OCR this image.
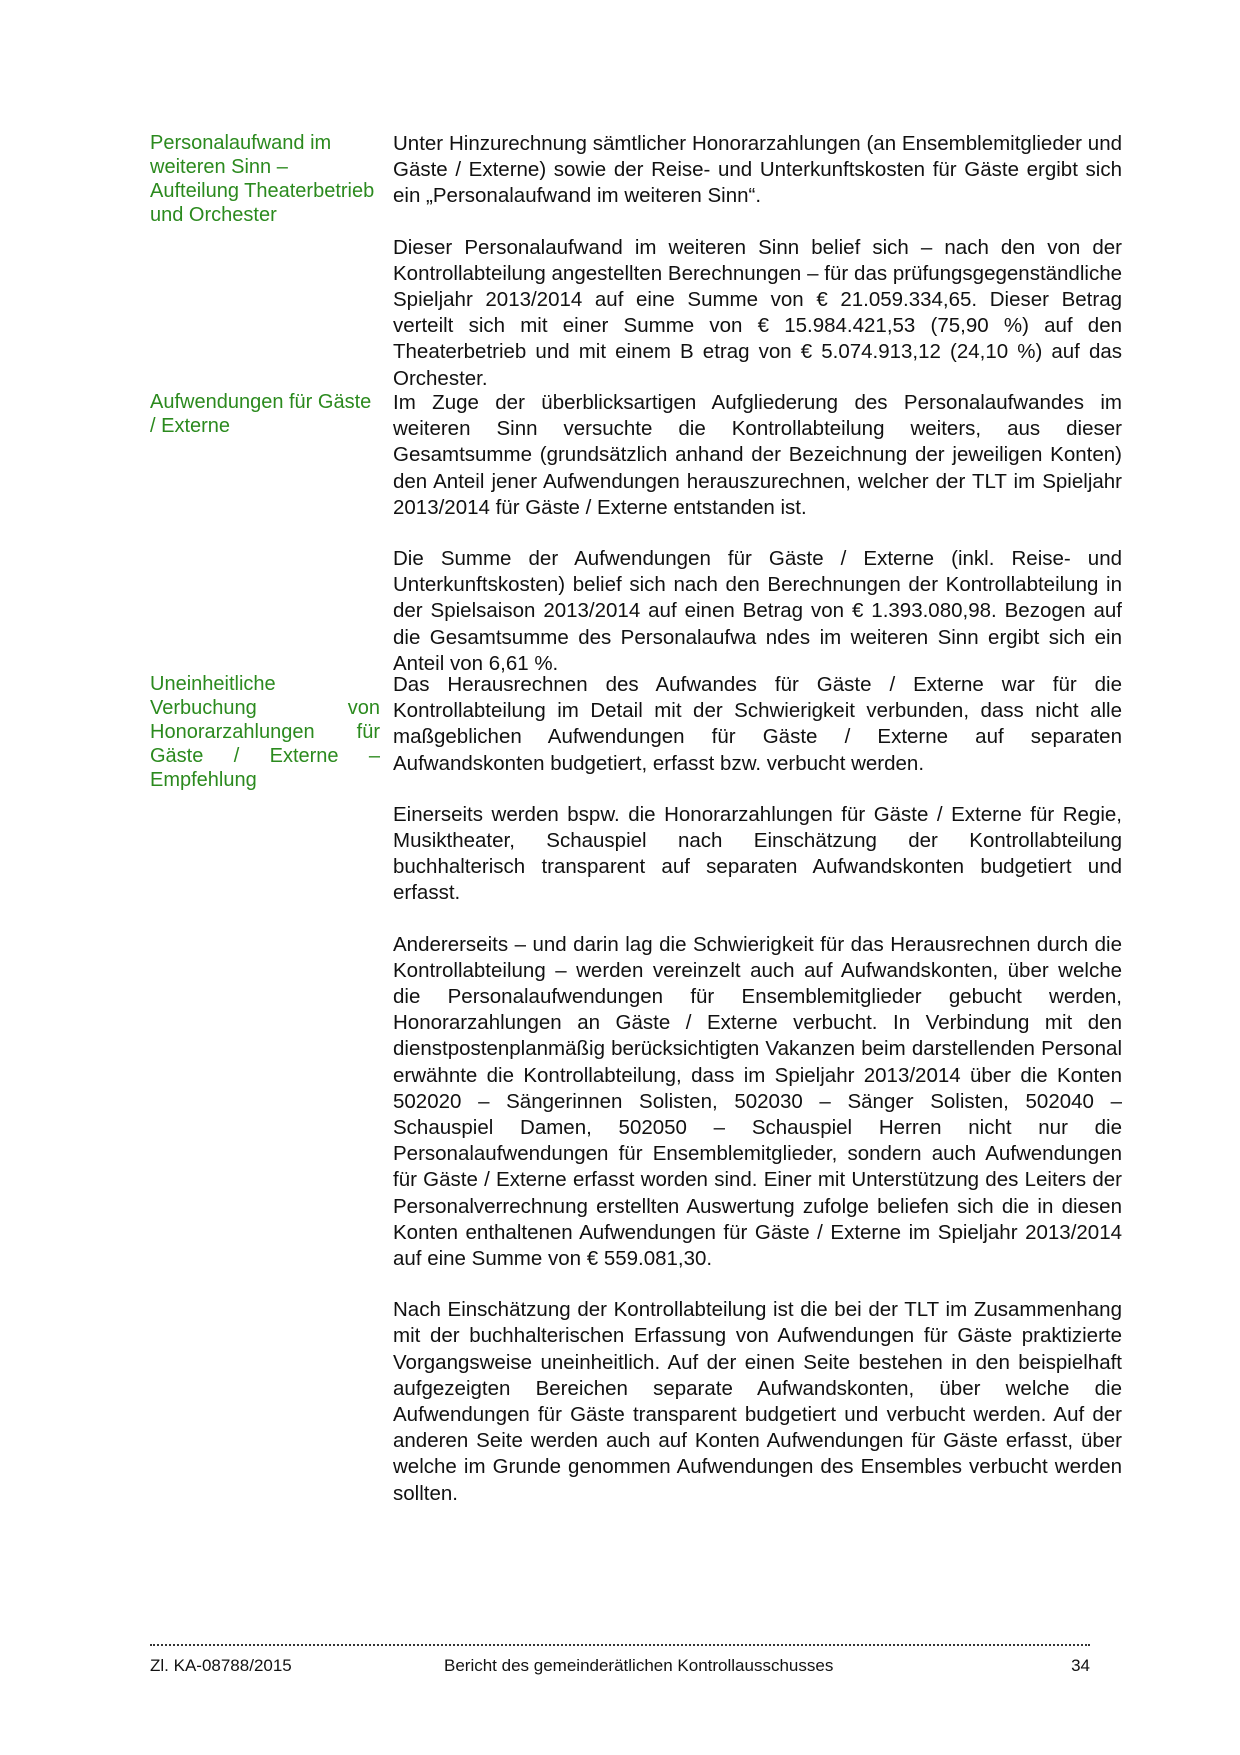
Personalaufwand im weiteren Sinn – Aufteilung Theaterbetrieb und Orchester

Unter Hinzurechnung sämtlicher Honorarzahlungen (an Ensemblemitglieder und Gäste / Externe) sowie der Reise- und Unterkunftskosten für Gäste ergibt sich ein „Personalaufwand im weiteren Sinn“.

Dieser Personalaufwand im weiteren Sinn belief sich – nach den von der Kontrollabteilung angestellten Berechnungen – für das prüfungsgegenständliche Spieljahr 2013/2014 auf eine Summe von € 21.059.334,65. Dieser Betrag verteilt sich mit einer Summe von € 15.984.421,53 (75,90 %) auf den Theaterbetrieb und mit einem B etrag von € 5.074.913,12 (24,10 %) auf das Orchester.

Aufwendungen für Gäste / Externe

Im Zuge der überblicksartigen Aufgliederung des Personalaufwandes im weiteren Sinn versuchte die Kontrollabteilung weiters, aus dieser Gesamtsumme (grundsätzlich anhand der Bezeichnung der jeweiligen Konten) den Anteil jener Aufwendungen herauszurechnen, welcher der TLT im Spieljahr 2013/2014 für Gäste / Externe entstanden ist.

Die Summe der Aufwendungen für Gäste / Externe (inkl. Reise- und Unterkunftskosten) belief sich nach den Berechnungen der Kontrollabteilung in der Spielsaison 2013/2014 auf einen Betrag von € 1.393.080,98. Bezogen auf die Gesamtsumme des Personalaufwa ndes im weiteren Sinn ergibt sich ein Anteil von 6,61 %.

Uneinheitliche Verbuchung von Honorarzahlungen für Gäste / Externe – Empfehlung

Das Herausrechnen des Aufwandes für Gäste / Externe war für die Kontrollabteilung im Detail mit der Schwierigkeit verbunden, dass nicht alle maßgeblichen Aufwendungen für Gäste / Externe auf separaten Aufwandskonten budgetiert, erfasst bzw. verbucht werden.

Einerseits werden bspw. die Honorarzahlungen für Gäste / Externe für Regie, Musiktheater, Schauspiel nach Einschätzung der Kontrollabteilung buchhalterisch transparent auf separaten Aufwandskonten budgetiert und erfasst.

Andererseits – und darin lag die Schwierigkeit für das Herausrechnen durch die Kontrollabteilung – werden vereinzelt auch auf Aufwandskonten, über welche die Personalaufwendungen für Ensemblemitglieder gebucht werden, Honorarzahlungen an Gäste / Externe verbucht. In Verbindung mit den dienstpostenplanmäßig berücksichtigten Vakanzen beim darstellenden Personal erwähnte die Kontrollabteilung, dass im Spieljahr 2013/2014 über die Konten 502020 – Sängerinnen Solisten, 502030 – Sänger Solisten, 502040 – Schauspiel Damen, 502050 – Schauspiel Herren nicht nur die Personalaufwendungen für Ensemblemitglieder, sondern auch Aufwendungen für Gäste / Externe erfasst worden sind. Einer mit Unterstützung des Leiters der Personalverrechnung erstellten Auswertung zufolge beliefen sich die in diesen Konten enthaltenen Aufwendungen für Gäste / Externe im Spieljahr 2013/2014 auf eine Summe von € 559.081,30.

Nach Einschätzung der Kontrollabteilung ist die bei der TLT im Zusammenhang mit der buchhalterischen Erfassung von Aufwendungen für Gäste praktizierte Vorgangsweise uneinheitlich. Auf der einen Seite bestehen in den beispielhaft aufgezeigten Bereichen separate Aufwandskonten, über welche die Aufwendungen für Gäste transparent budgetiert und verbucht werden. Auf der anderen Seite werden auch auf Konten Aufwendungen für Gäste erfasst, über welche im Grunde genommen Aufwendungen des Ensembles verbucht werden sollten.

Zl. KA-08788/2015	Bericht des gemeinderätlichen Kontrollausschusses	34
